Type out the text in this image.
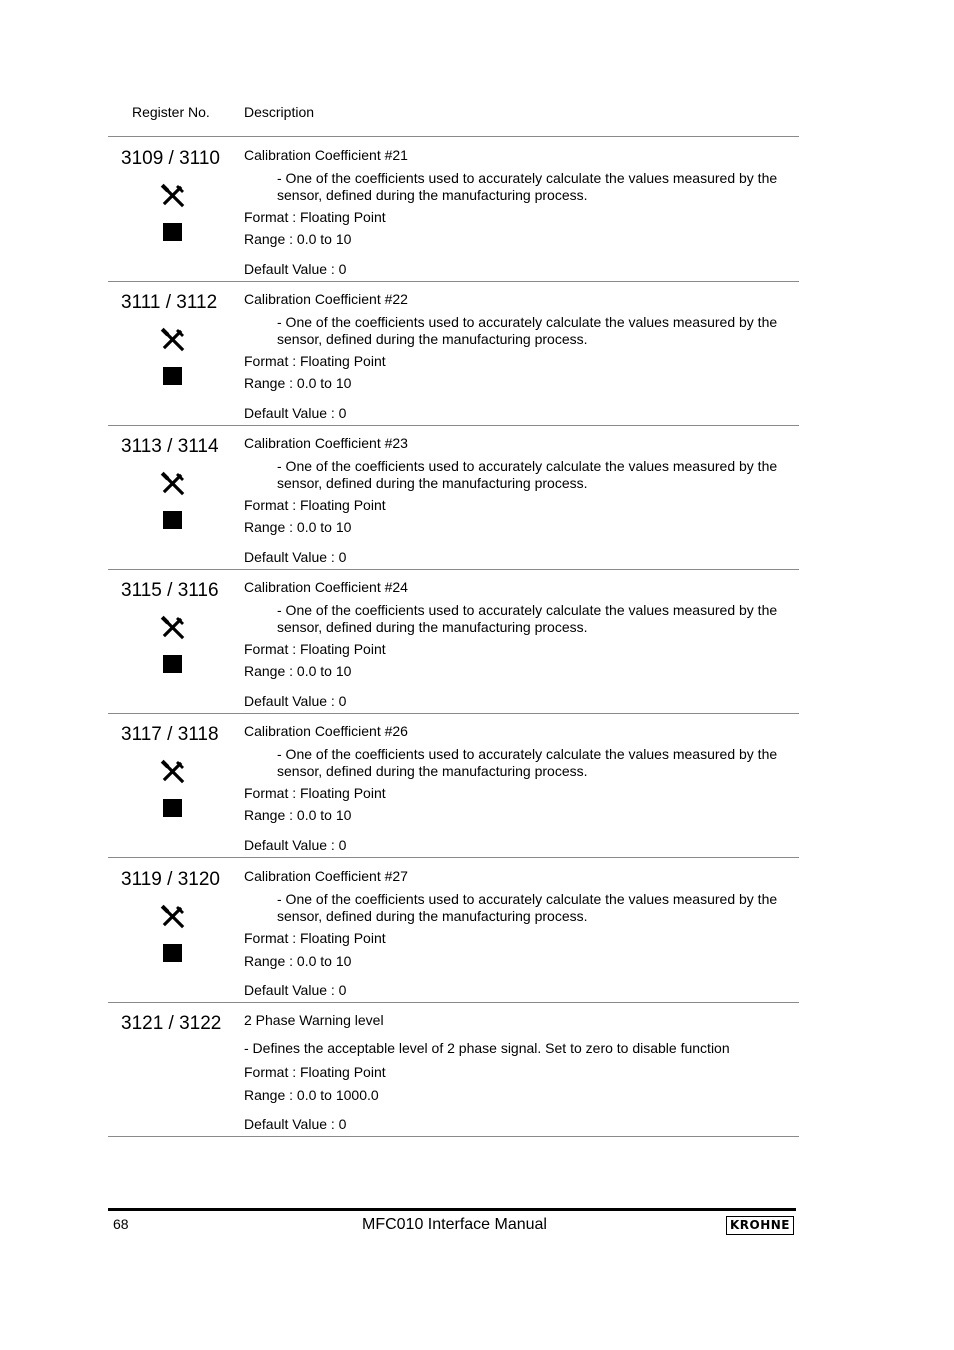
Register No. Description
3109 / 3110 Calibration Coefficient #21
- One of the coefficients used to accurately calculate the values measured by the sensor, defined during the manufacturing process.
Format : Floating Point
Range : 0.0 to 10
Default Value : 0
3111 / 3112 Calibration Coefficient #22
- One of the coefficients used to accurately calculate the values measured by the sensor, defined during the manufacturing process.
Format : Floating Point
Range : 0.0 to 10
Default Value : 0
3113 / 3114 Calibration Coefficient #23
- One of the coefficients used to accurately calculate the values measured by the sensor, defined during the manufacturing process.
Format : Floating Point
Range : 0.0 to 10
Default Value : 0
3115 / 3116 Calibration Coefficient #24
- One of the coefficients used to accurately calculate the values measured by the sensor, defined during the manufacturing process.
Format : Floating Point
Range : 0.0 to 10
Default Value : 0
3117 / 3118 Calibration Coefficient #26
- One of the coefficients used to accurately calculate the values measured by the sensor, defined during the manufacturing process.
Format : Floating Point
Range : 0.0 to 10
Default Value : 0
3119 / 3120 Calibration Coefficient #27
- One of the coefficients used to accurately calculate the values measured by the sensor, defined during the manufacturing process.
Format : Floating Point
Range : 0.0 to 10
Default Value : 0
3121 / 3122 2 Phase Warning level
- Defines the acceptable level of 2 phase signal. Set to zero to disable function
Format : Floating Point
Range : 0.0 to 1000.0
Default Value : 0
68	MFC010 Interface Manual	KROHNE
